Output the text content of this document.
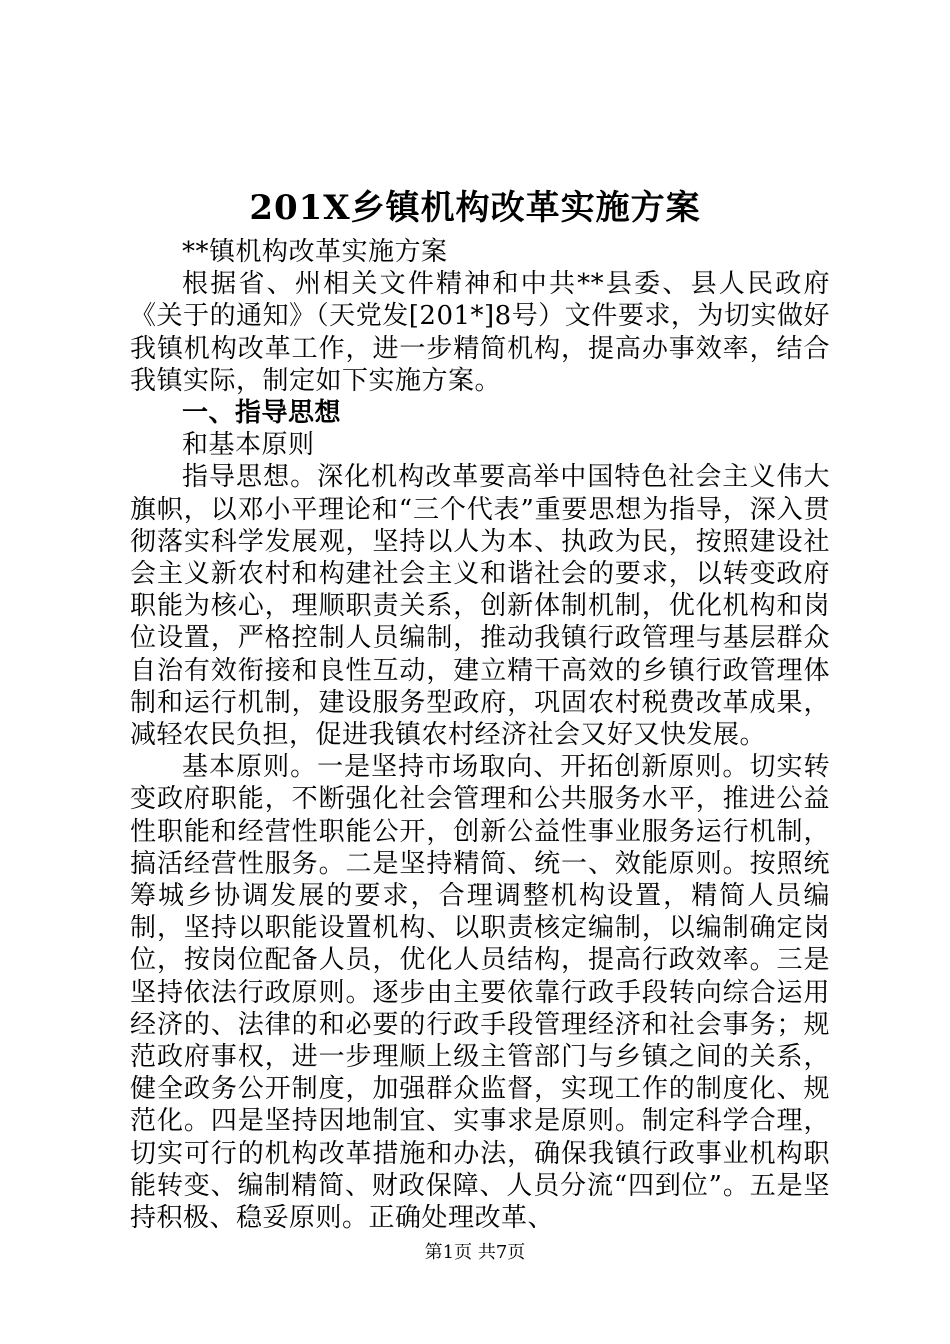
201X乡镇机构改革实施方案

**镇机构改革实施方案

根据省、州相关文件精神和中共**县委、县人民政府《关于的通知》（天党发[201*]8号）文件要求，为切实做好我镇机构改革工作，进一步精简机构，提高办事效率，结合我镇实际，制定如下实施方案。

一、指导思想

和基本原则

指导思想。深化机构改革要高举中国特色社会主义伟大旗帜，以邓小平理论和“三个代表”重要思想为指导，深入贯彻落实科学发展观，坚持以人为本、执政为民，按照建设社会主义新农村和构建社会主义和谐社会的要求，以转变政府职能为核心，理顺职责关系，创新体制机制，优化机构和岗位设置，严格控制人员编制，推动我镇行政管理与基层群众自治有效衔接和良性互动，建立精干高效的乡镇行政管理体制和运行机制，建设服务型政府，巩固农村税费改革成果，减轻农民负担，促进我镇农村经济社会又好又快发展。

基本原则。一是坚持市场取向、开拓创新原则。切实转变政府职能，不断强化社会管理和公共服务水平，推进公益性职能和经营性职能公开，创新公益性事业服务运行机制，搞活经营性服务。二是坚持精简、统一、效能原则。按照统筹城乡协调发展的要求，合理调整机构设置，精简人员编制，坚持以职能设置机构、以职责核定编制，以编制确定岗位，按岗位配备人员，优化人员结构，提高行政效率。三是坚持依法行政原则。逐步由主要依靠行政手段转向综合运用经济的、法律的和必要的行政手段管理经济和社会事务；规范政府事权，进一步理顺上级主管部门与乡镇之间的关系，健全政务公开制度，加强群众监督，实现工作的制度化、规范化。四是坚持因地制宜、实事求是原则。制定科学合理，切实可行的机构改革措施和办法，确保我镇行政事业机构职能转变、编制精简、财政保障、人员分流“四到位”。五是坚持积极、稳妥原则。正确处理改革、

第1页 共7页
